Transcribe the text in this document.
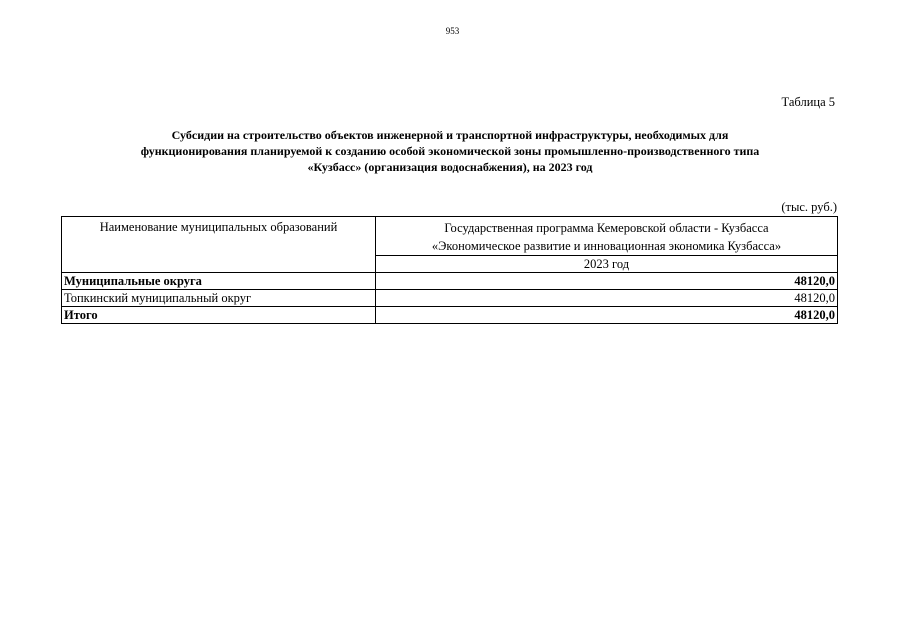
953
Таблица 5
Субсидии на строительство объектов инженерной и транспортной инфраструктуры, необходимых для
функционирования планируемой к созданию особой экономической зоны промышленно-производственного типа
«Кузбасс» (организация водоснабжения), на 2023 год
(тыс. руб.)
Наименование муниципальных образований	Государственная программа Кемеровской области - Кузбасса
«Экономическое развитие и инновационная экономика Кузбасса»

	2023 год
Муниципальные округа	48120,0
Топкинский муниципальный округ	48120,0
Итого	48120,0
